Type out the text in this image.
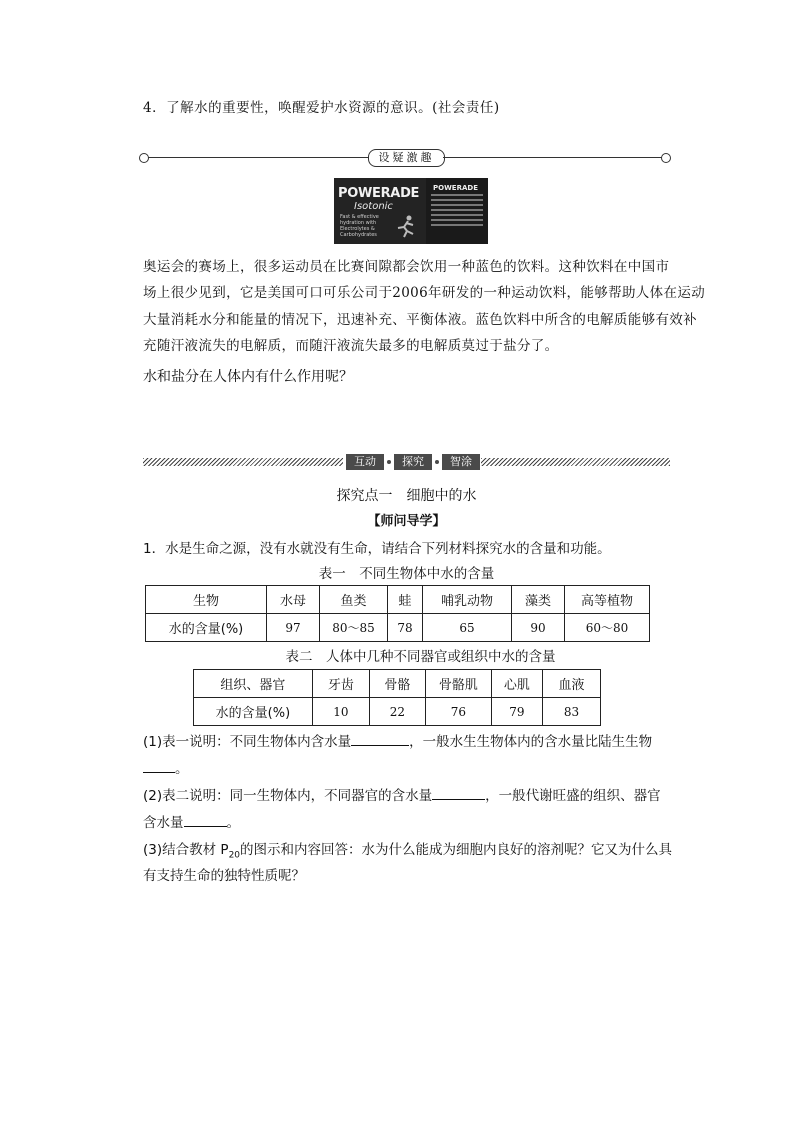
4．了解水的重要性，唤醒爱护水资源的意识。(社会责任)
设疑激趣
POWERADE
Isotonic
Fast & effective hydration with Electrolytes & Carbohydrates
POWERADE
奥运会的赛场上，很多运动员在比赛间隙都会饮用一种蓝色的饮料。这种饮料在中国市
场上很少见到，它是美国可口可乐公司于2006年研发的一种运动饮料，能够帮助人体在运动
大量消耗水分和能量的情况下，迅速补充、平衡体液。蓝色饮料中所含的电解质能够有效补
充随汗液流失的电解质，而随汗液流失最多的电解质莫过于盐分了。
水和盐分在人体内有什么作用呢？
互动	探究	智涂
探究点一　细胞中的水
【师问导学】
1．水是生命之源，没有水就没有生命，请结合下列材料探究水的含量和功能。
表一　不同生物体中水的含量
生物	水母	鱼类	蛙	哺乳动物	藻类	高等植物
水的含量(%)	97	80～85	78	65	90	60～80
表二　人体中几种不同器官或组织中水的含量
组织、器官	牙齿	骨骼	骨骼肌	心肌	血液
水的含量(%)	10	22	76	79	83
(1)表一说明：不同生物体内含水量	，一般水生生物体内的含水量比陆生生物
。
(2)表二说明：同一生物体内，不同器官的含水量	，一般代谢旺盛的组织、器官
含水量	。
(3)结合教材 $P_{20}$的图示和内容回答：水为什么能成为细胞内良好的溶剂呢？它又为什么具
有支持生命的独特性质呢？
